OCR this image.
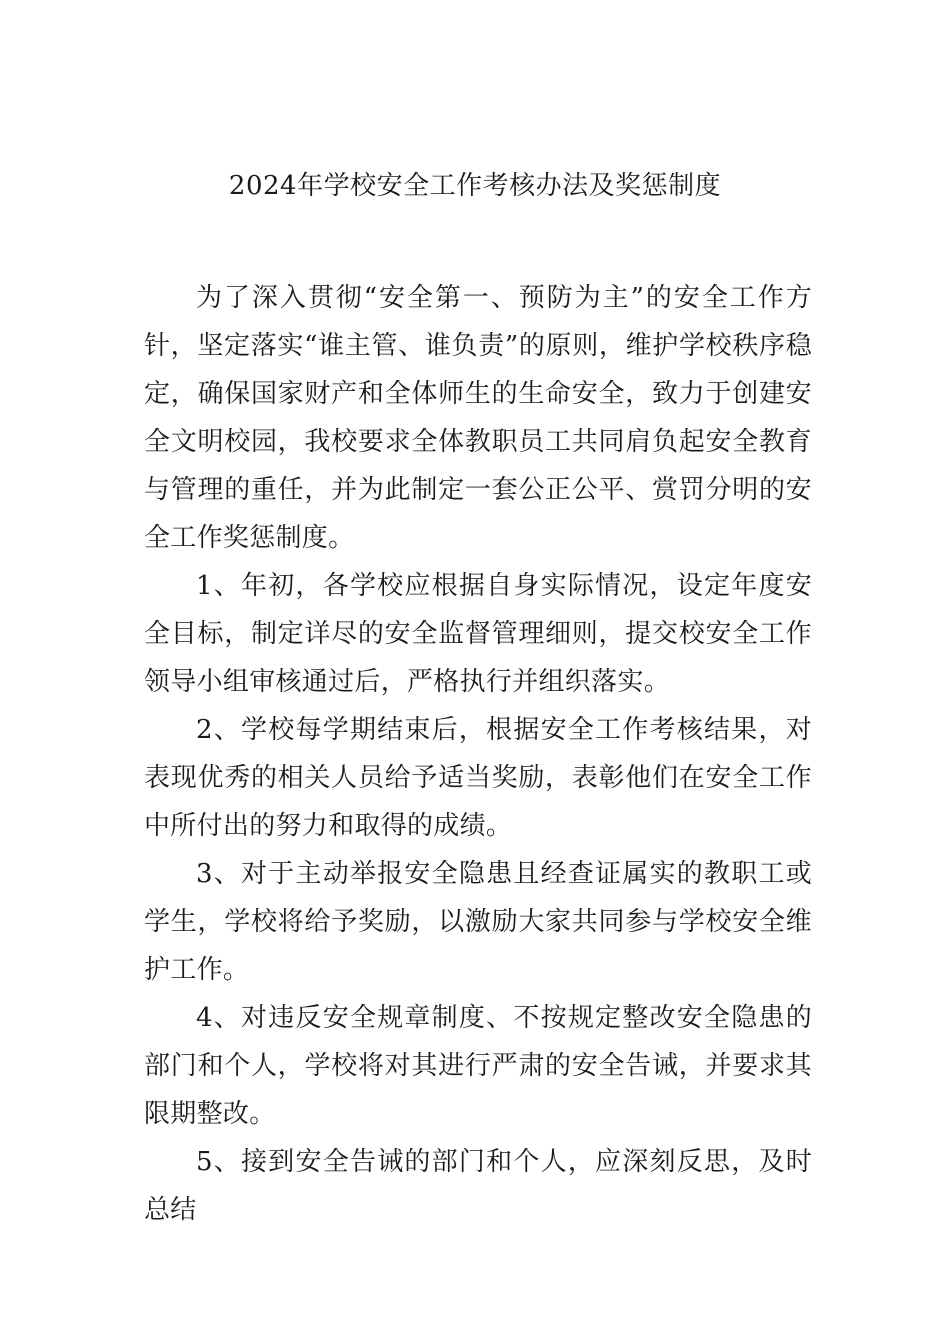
2024年学校安全工作考核办法及奖惩制度

为了深入贯彻“安全第一、预防为主”的安全工作方针，坚定落实“谁主管、谁负责”的原则，维护学校秩序稳定，确保国家财产和全体师生的生命安全，致力于创建安全文明校园，我校要求全体教职员工共同肩负起安全教育与管理的重任，并为此制定一套公正公平、赏罚分明的安全工作奖惩制度。

1、年初，各学校应根据自身实际情况，设定年度安全目标，制定详尽的安全监督管理细则，提交校安全工作领导小组审核通过后，严格执行并组织落实。

2、学校每学期结束后，根据安全工作考核结果，对表现优秀的相关人员给予适当奖励，表彰他们在安全工作中所付出的努力和取得的成绩。

3、对于主动举报安全隐患且经查证属实的教职工或学生，学校将给予奖励，以激励大家共同参与学校安全维护工作。

4、对违反安全规章制度、不按规定整改安全隐患的部门和个人，学校将对其进行严肃的安全告诫，并要求其限期整改。

5、接到安全告诫的部门和个人，应深刻反思，及时总结
